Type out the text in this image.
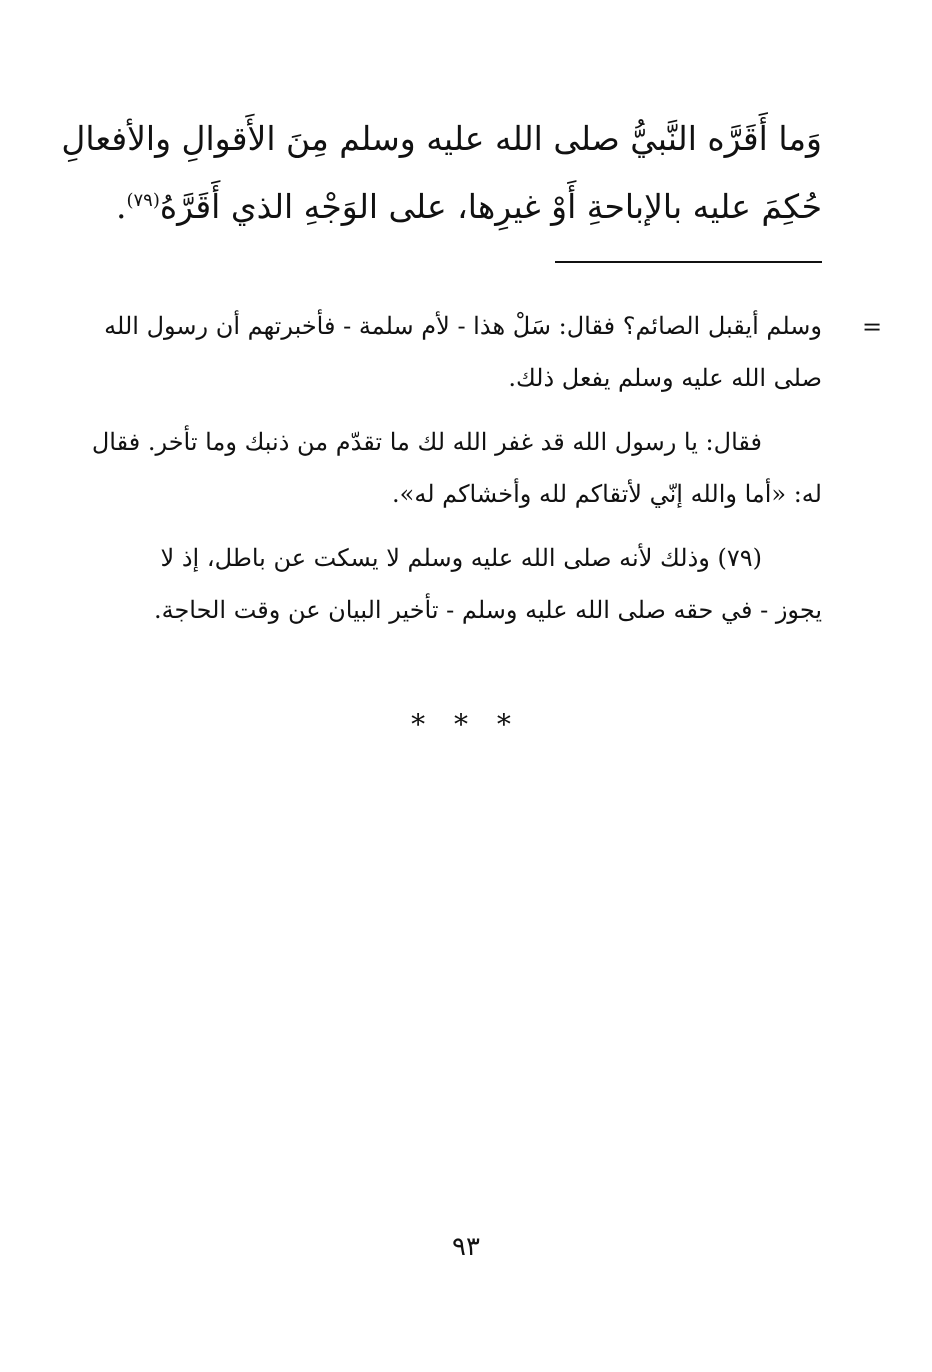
وَما أَقَرَّه النَّبيُّ صلى الله عليه وسلم مِنَ الأَقوالِ والأفعالِ
حُكِمَ عليه بالإباحةِ أَوْ غيرِها، على الوَجْهِ الذي أَقَرَّهُ$^{(٧٩)}$.
=

وسلم أيقبل الصائم؟ فقال: سَلْ هذا - لأم سلمة - فأخبرتهم أن رسول الله
صلى الله عليه وسلم يفعل ذلك.

فقال: يا رسول الله قد غفر الله لك ما تقدّم من ذنبك وما تأخر. فقال
له: «أما والله إنّي لأتقاكم لله وأخشاكم له».

(٧٩) وذلك لأنه صلى الله عليه وسلم لا يسكت عن باطل، إذ لا
يجوز - في حقه صلى الله عليه وسلم - تأخير البيان عن وقت الحاجة.

* * *
٩٣
